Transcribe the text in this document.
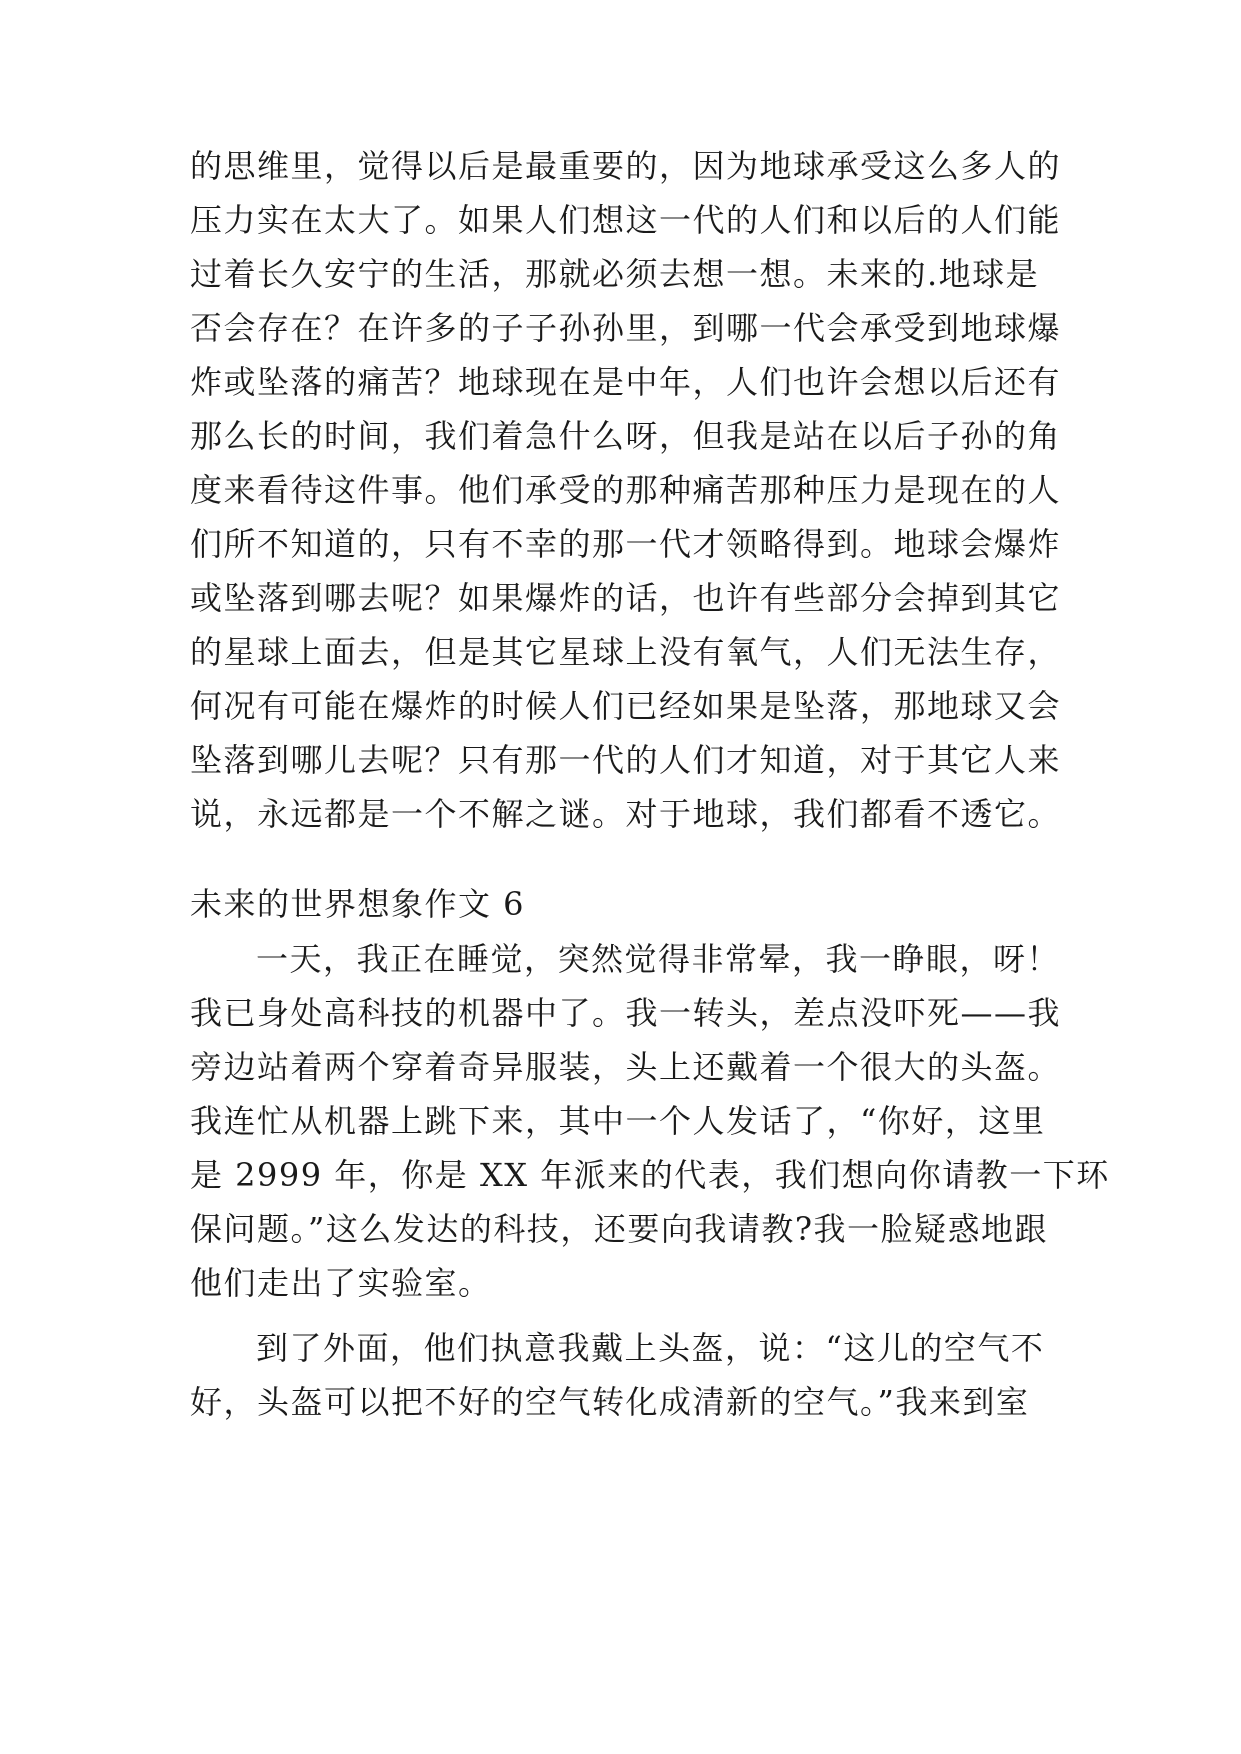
的思维里，觉得以后是最重要的，因为地球承受这么多人的
压力实在太大了。如果人们想这一代的人们和以后的人们能
过着长久安宁的生活，那就必须去想一想。未来的.地球是
否会存在？在许多的子子孙孙里，到哪一代会承受到地球爆
炸或坠落的痛苦？地球现在是中年，人们也许会想以后还有
那么长的时间，我们着急什么呀，但我是站在以后子孙的角
度来看待这件事。他们承受的那种痛苦那种压力是现在的人
们所不知道的，只有不幸的那一代才领略得到。地球会爆炸
或坠落到哪去呢？如果爆炸的话，也许有些部分会掉到其它
的星球上面去，但是其它星球上没有氧气，人们无法生存，
何况有可能在爆炸的时候人们已经如果是坠落，那地球又会
坠落到哪儿去呢？只有那一代的人们才知道，对于其它人来
说，永远都是一个不解之谜。对于地球，我们都看不透它。
未来的世界想象作文 6
一天，我正在睡觉，突然觉得非常晕，我一睁眼，呀！
我已身处高科技的机器中了。我一转头，差点没吓死——我
旁边站着两个穿着奇异服装，头上还戴着一个很大的头盔。
我连忙从机器上跳下来，其中一个人发话了，“你好，这里
是 2999 年，你是 XX 年派来的代表，我们想向你请教一下环
保问题。”这么发达的科技，还要向我请教?我一脸疑惑地跟
他们走出了实验室。
到了外面，他们执意我戴上头盔，说：“这儿的空气不
好，头盔可以把不好的空气转化成清新的空气。”我来到室
